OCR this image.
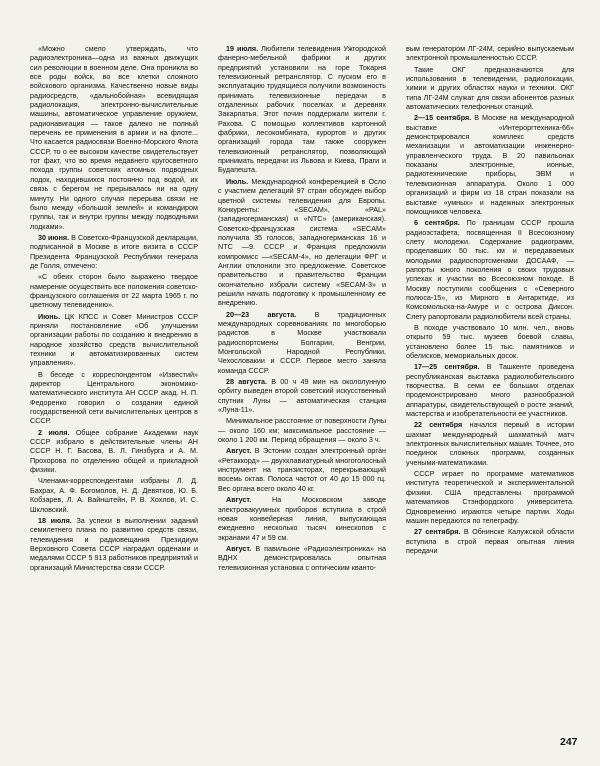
«Можно смело утверждать, что радиоэлектроника—одна из важных движущих сил революции в военном деле. Она проникла во все роды войск, во все клетки сложного войскового организма. Качественно новые виды радиосредств, «дальнобойная» всевидящая радиолокация, электронно-вычислительные машины, автоматическое управление оружием, радионавигация — такое далеко не полный перечень ее применения в армии и на флоте... Что касается радиосвязи Военно-Морского Флота СССР, то о ее высоком качестве свидетельствует тот факт, что во время недавнего кругосветного похода группы советских атомных подводных лодок, находившихся постоянно под водой, их связь с берегом не прерывалась ни на одну минуту. Ни одного случая перерыва связи не было между «большой землей» и командиром группы, так и внутри группы между подводными лодками».

30 июня. В Советско-Французской декларации, подписанной в Москве в итоге визита в СССР Президента Французской Республики генерала де Голля, отмечено:

«С обеих сторон было выражено твердое намерение осуществить все положения советско-французского соглашения от 22 марта 1965 г. по цветному телевидению».

Июнь. ЦК КПСС и Совет Министров СССР приняли постановление «Об улучшении организации работы по созданию и внедрению в народное хозяйство средств вычислительной техники и автоматизированных систем управления».

В беседе с корреспондентом «Известий» директор Центрального экономико-математического института АН СССР акад. Н. П. Федоренко говорил о создании единой государственной сети вычислительных центров в СССР.

2 июля. Общее собрание Академии наук СССР избрало в действительные члены АН СССР Н. Г. Басова, В. Л. Гинзбурга и А. М. Прохорова по отделению общей и прикладной физики.

Членами-корреспондентами избраны Л. Д. Бахрах, А. Ф. Богомолов, Н. Д. Девятков, Ю. Б. Кобзарев, Л. А. Вайнштейн, Р. В. Хохлов, И. С. Шкловский.

18 июля. За успехи в выполнении заданий семилетнего плана по развитию средств связи, телевидения и радиовещания Президиум Верховного Совета СССР наградил орденами и медалями СССР 5 913 работников предприятий и организаций Министерства связи СССР.

19 июля. Любители телевидения Ужгородской фанерно-мебельной фабрики и других предприятий установили на горе Токарня телевизионный ретранслятор. С пуском его в эксплуатацию трудящиеся получили возможность принимать телевизионные передачи в отдаленных рабочих поселках и деревнях Закарпатья. Этот почин поддержали жители г. Рахова. С помощью коллективов картонной фабрики, лесокомбината, курортов и других организаций города там также сооружен телевизионный ретранслятор, позволяющий принимать передачи из Львова и Киева, Праги и Будапешта.

Июль. Международной конференцией в Осло с участием делегаций 97 стран обсужден выбор цветной системы телевидения для Европы. Конкуренты: «SECAM», «PAL» (западногерманская) и «NTC» (американская). Советско-французская система «SECAM» получила 35 голосов, западногерманская 16 и NTC —9. СССР и Франция предложили компромисс —«SECAM-4», но делегации ФРГ и Англии отклонили это предложение. Советское правительство и правительство Франции окончательно избрали систему «SECAM-3» и решили начать подготовку к промышленному ее внедрению.

20—23 августа.	В традиционных международных соревнованиях по многоборью радистов в Москве участвовали радиоспортсмены Болгарии, Венгрии, Монгольской Народной Республики, Чехословакии и СССР. Первое место заняла команда СССР.

28 августа. В 00 ч 49 мин на окололунную орбиту выведен второй советский искусственный спутник Луны — автоматическая станция «Луна-11».

Минимальное расстояние от поверхности Луны — около 160 км; максимальное расстояние — около 1 200 км. Период обращения — около 3 ч.

Август. В Эстонии создан электронный оргáн «Ретаккорд» — двухклавиатурный многоголосный инструмент на транзисторах, перекрывающий восемь октав. Полоса частот от 40 до 15 000 гц. Вес органа всего около 40 кг.

Август.	На Московском заводе электровакуумных приборов вступила в строй новая конвейерная линия, выпускающая ежедневно несколько тысяч кинескопов с экранами 47 и 59 см.

Август. В павильоне «Радиоэлектроника» на ВДНХ демонстрировалась опытная телевизионная установка с оптическим кванто-

вым генератором ЛГ-24М, серийно выпускаемым электронной промышленностью СССР.

Такие ОКГ предназначаются для использования в телевидении, радиолокации, химии и других областях науки и техники. ОКГ типа ЛГ-24М служат для связи абонентов разных автоматических телефонных станций.

2—15 сентября. В Москве на международной выставке «Интероргтехника-66» демонстрировался комплекс средств механизации и автоматизации инженерно-управленческого труда. В 20 павильонах показаны электронные, ионные, радиотехнические приборы, ЭВМ и телевизионная аппаратура. Около 1 000 организаций и фирм из 18 стран показали на выставке «умных» и надежных электронных помощников человека.

6 сентября. По границам СССР прошла радиоэстафета, посвященная II Всесоюзному слету молодежи. Содержание радиограмм, проделавших 50 тыс. км и передаваемых молодыми радиоспортсменами ДОСААФ, — рапорты юного поколения о своих трудовых успехах и участии во Всесоюзном походе. В Москву поступили сообщения с «Северного полюса-15», из Мирного в Антарктиде, из Комсомольска-на-Амуре и с острова Диксон. Слету рапортовали радиолюбители всей страны.

В походе участвовало 10 млн. чел., вновь открыто 59 тыс. музеев боевой славы, установлено более 15 тыс. памятников и обелисков, мемориальных досок.

17—25 сентября. В Ташкенте проведена республиканская выставка радиолюбительского творчества. В семи ее больших отделах продемонстрировано много разнообразной аппаратуры, свидетельствующей о росте знаний, мастерства и изобретательности ее участников.

22 сентября начался первый в истории шахмат международный шахматный матч электронных вычислительных машин. Точнее, это поединок сложных программ, созданных учеными-математиками.

СССР играет по программе математиков института теоретической и экспериментальной физики. США представлены программой математиков Стэнфордского университета. Одновременно играются четыре партии. Ходы машин передаются по телеграфу.

27 сентября. В Обнинске Калужской области вступила в строй первая опытная линия передачи

247
